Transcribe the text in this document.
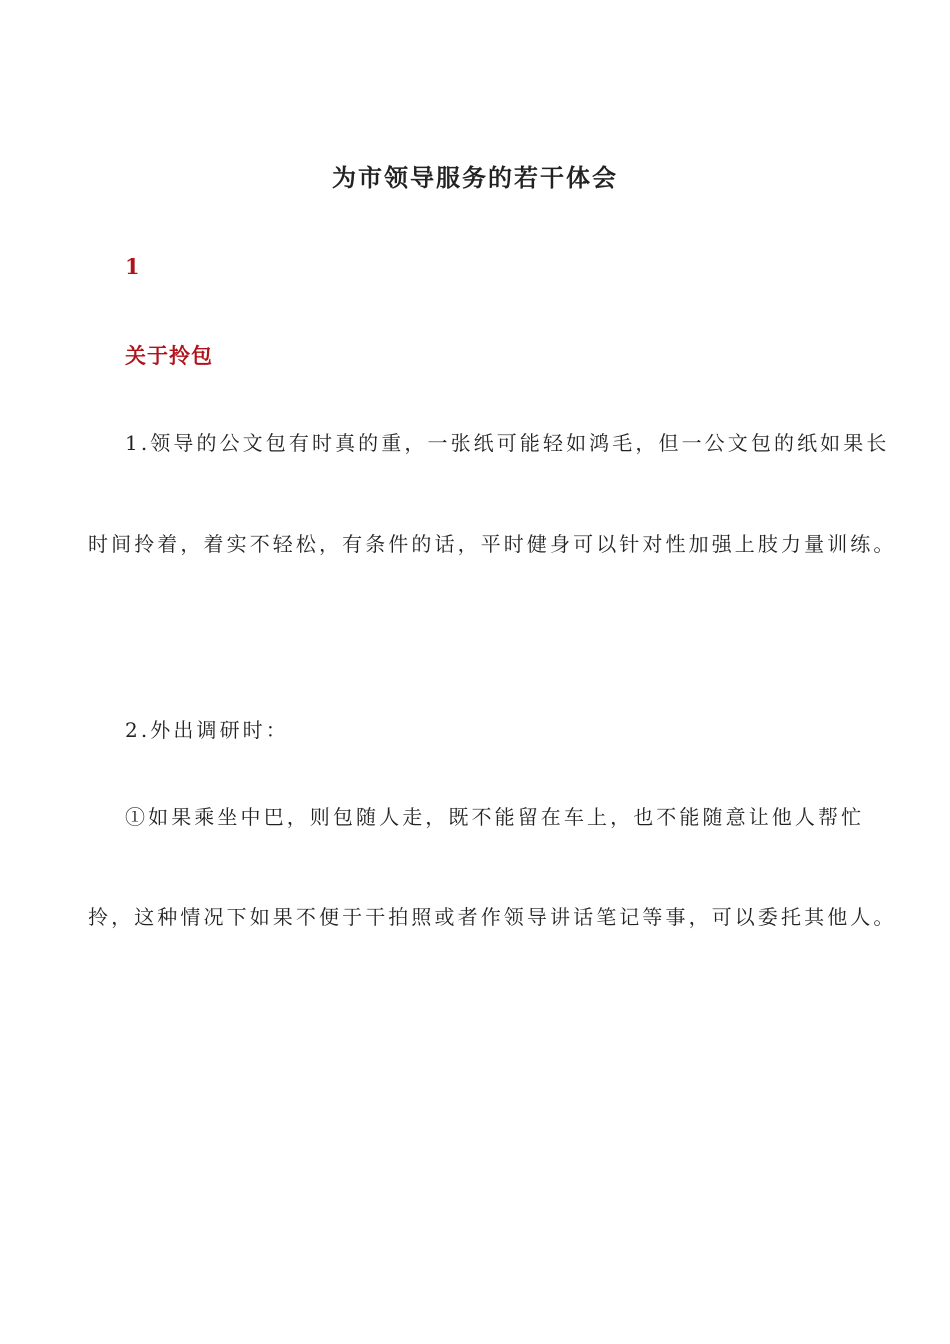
为市领导服务的若干体会
1
关于拎包
1.领导的公文包有时真的重，一张纸可能轻如鸿毛，但一公文包的纸如果长
时间拎着，着实不轻松，有条件的话，平时健身可以针对性加强上肢力量训练。
2.外出调研时：
①如果乘坐中巴，则包随人走，既不能留在车上，也不能随意让他人帮忙
拎，这种情况下如果不便于干拍照或者作领导讲话笔记等事，可以委托其他人。
